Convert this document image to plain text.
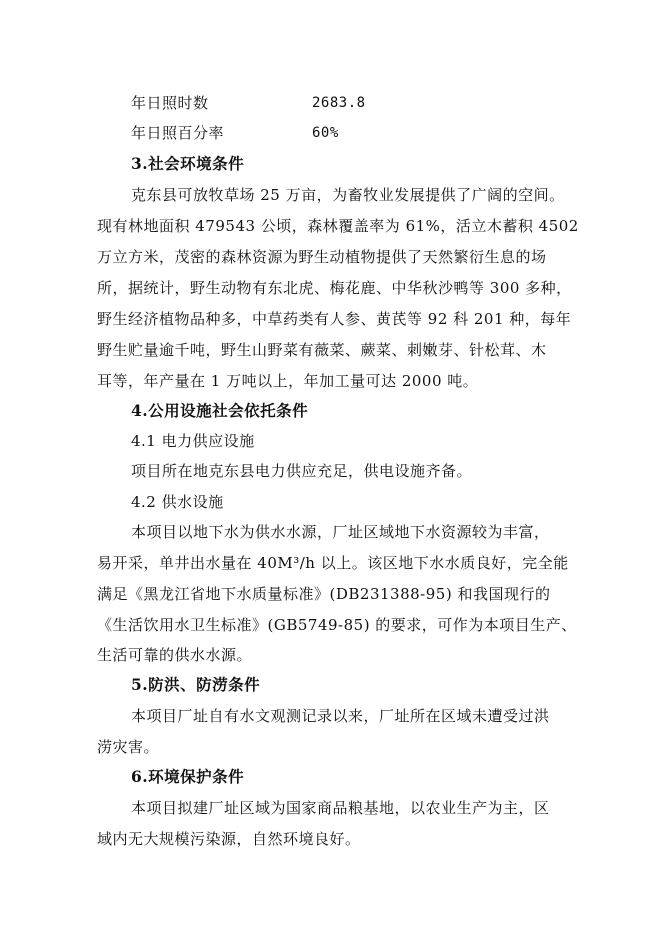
年日照时数	2683.8
年日照百分率	60%
3.社会环境条件
克东县可放牧草场 25 万亩，为畜牧业发展提供了广阔的空间。
现有林地面积 479543 公顷，森林覆盖率为 61%，活立木蓄积 4502
万立方米，茂密的森林资源为野生动植物提供了天然繁衍生息的场
所，据统计，野生动物有东北虎、梅花鹿、中华秋沙鸭等 300 多种，
野生经济植物品种多，中草药类有人参、黄芪等 92 科 201 种，每年
野生贮量逾千吨，野生山野菜有薇菜、蕨菜、刺嫩芽、针松茸、木
耳等，年产量在 1 万吨以上，年加工量可达 2000 吨。
4.公用设施社会依托条件
4.1 电力供应设施
项目所在地克东县电力供应充足，供电设施齐备。
4.2 供水设施
本项目以地下水为供水水源，厂址区域地下水资源较为丰富，
易开采，单井出水量在 40M³/h 以上。该区地下水水质良好，完全能
满足《黑龙江省地下水质量标准》(DB231388-95) 和我国现行的
《生活饮用水卫生标准》(GB5749-85) 的要求，可作为本项目生产、
生活可靠的供水水源。
5.防洪、防涝条件
本项目厂址自有水文观测记录以来，厂址所在区域未遭受过洪
涝灾害。
6.环境保护条件
本项目拟建厂址区域为国家商品粮基地，以农业生产为主，区
域内无大规模污染源，自然环境良好。
